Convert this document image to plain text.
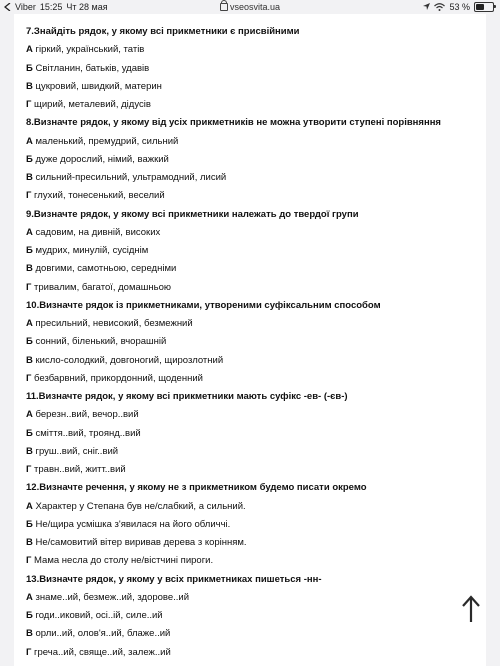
Viber 15:25 Чт 28 мая	vseosvita.ua	53 %
7.Знайдіть рядок, у якому всі прикметники є присвійними
А гіркий, український, татів
Б Світланин, батьків, удавів
В цукровий, швидкий, материн
Г щирий, металевий, дідусів
8.Визначте рядок, у якому від усіх прикметників не можна утворити ступені порівняння
А маленький, премудрий, сильний
Б дуже дорослий, німий, важкий
В сильний-пресильний, ультрамодний, лисий
Г глухий, тонесенький, веселий
9.Визначте рядок, у якому всі прикметники належать до твердої групи
А садовим, на дивній, високих
Б мудрих, минулій, сусіднім
В довгими, самотньою, середніми
Г тривалим, багатої, домашньою
10.Визначте рядок із прикметниками, утвореними суфіксальним способом
А пресильний, невисокий, безмежний
Б сонний, біленький, вчорашній
В кисло-солодкий, довгоногий, щирозлотний
Г безбарвний, прикордонний, щоденний
11.Визначте рядок, у якому всі прикметники мають суфікс -ев- (-єв-)
А березн..вий, вечор..вий
Б сміття..вий, троянд..вий
В груш..вий, сніг..вий
Г травн..вий, житт..вий
12.Визначте речення, у якому не з прикметником будемо писати окремо
А Характер у Степана був не/слабкий, а сильний.
Б Не/щира усмішка з'явилася на його обличчі.
В Не/самовитий вітер виривав дерева з корінням.
Г Мама несла до столу не/вістчині пироги.
13.Визначте рядок, у якому у всіх прикметниках пишеться -нн-
А знаме..ий, безмеж..ий, здорове..ий
Б годи..иковий, осі..ій, силе..ий
В орли..ий, олов'я..ий, блаже..ий
Г греча..ий, свяще..ий, залеж..ий
